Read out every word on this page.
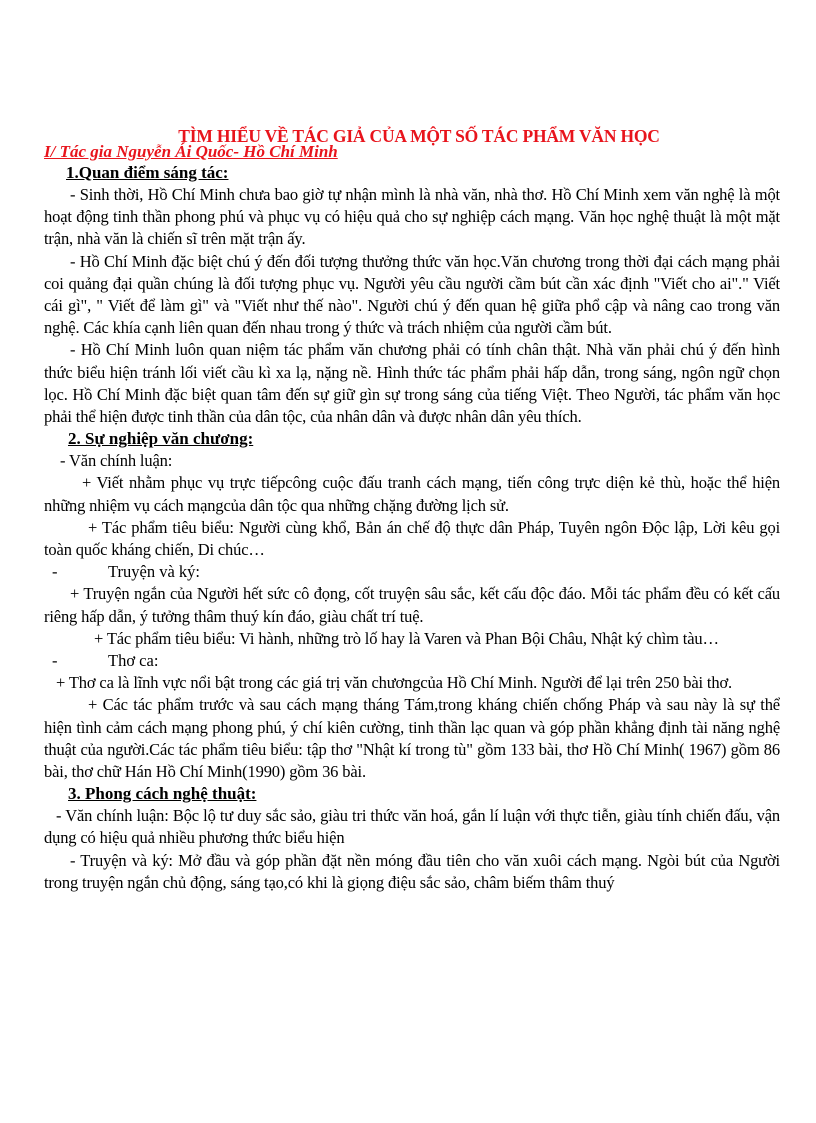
TÌM HIỂU VỀ TÁC GIẢ CỦA MỘT SỐ TÁC PHẨM VĂN HỌC
I/ Tác gia Nguyễn Ái Quốc- Hồ Chí Minh
1.Quan điểm sáng tác:

- Sinh thời, Hồ Chí Minh chưa bao giờ tự nhận mình là nhà văn, nhà thơ. Hồ Chí Minh xem văn nghệ là một hoạt động tinh thần phong phú và phục vụ có hiệu quả cho sự nghiệp cách mạng. Văn học nghệ thuật là một mặt trận, nhà văn là chiến sĩ trên mặt trận ấy.

- Hồ Chí Minh đặc biệt chú ý đến đối tượng thưởng thức văn học.Văn chương trong thời đại cách mạng phải coi quảng đại quần chúng là đối tượng phục vụ. Người yêu cầu người cầm bút cần xác định "Viết cho ai"." Viết cái gì", " Viết để làm gì" và "Viết như thế nào". Người chú ý đến quan hệ giữa phổ cập và nâng cao trong văn nghệ. Các khía cạnh liên quan đến nhau trong ý thức và trách nhiệm của người cầm bút.

- Hồ Chí Minh luôn quan niệm tác phẩm văn chương phải có tính chân thật. Nhà văn phải chú ý đến hình thức biểu hiện tránh lối viết cầu kì xa lạ, nặng nề. Hình thức tác phẩm phải hấp dẫn, trong sáng, ngôn ngữ chọn lọc. Hồ Chí Minh đặc biệt quan tâm đến sự giữ gìn sự trong sáng của tiếng Việt. Theo Người, tác phẩm văn học phải thể hiện được tinh thần của dân tộc, của nhân dân và được nhân dân yêu thích.

2. Sự nghiệp văn chương:

- Văn chính luận:

+ Viết nhằm phục vụ trực tiếpcông cuộc đấu tranh cách mạng, tiến công trực diện kẻ thù, hoặc thể hiện những nhiệm vụ cách mạngcủa dân tộc qua những chặng đường lịch sử.

+ Tác phẩm tiêu biểu: Người cùng khổ, Bản án chế độ thực dân Pháp, Tuyên ngôn Độc lập, Lời kêu gọi toàn quốc kháng chiến, Di chúc…

-	Truyện và ký:

+ Truyện ngắn của Người hết sức cô đọng, cốt truyện sâu sắc, kết cấu độc đáo. Mỗi tác phẩm đều có kết cấu riêng hấp dẫn, ý tưởng thâm thuý kín đáo, giàu chất trí tuệ.

+ Tác phẩm tiêu biểu: Vi hành, những trò lố hay là Varen và Phan Bội Châu, Nhật ký chìm tàu…

-	Thơ ca:

+ Thơ ca là lĩnh vực nổi bật trong các giá trị văn chươngcủa Hồ Chí Minh. Người để lại trên 250 bài thơ.

+ Các tác phẩm trước và sau cách mạng tháng Tám,trong kháng chiến chống Pháp và sau này là sự thể hiện tình cảm cách mạng phong phú, ý chí kiên cường, tinh thần lạc quan và góp phần khẳng định tài năng nghệ thuật của người.Các tác phẩm tiêu biểu: tập thơ "Nhật kí trong tù" gồm 133 bài, thơ Hồ Chí Minh( 1967) gồm 86 bài, thơ chữ Hán Hồ Chí Minh(1990) gồm 36 bài.

3. Phong cách nghệ thuật:

- Văn chính luận: Bộc lộ tư duy sắc sảo, giàu tri thức văn hoá, gắn lí luận với thực tiễn, giàu tính chiến đấu, vận dụng có hiệu quả nhiều phương thức biểu hiện

- Truyện và ký: Mở đầu và góp phần đặt nền móng đầu tiên cho văn xuôi cách mạng. Ngòi bút của Người trong truyện ngắn chủ động, sáng tạo,có khi là giọng điệu sắc sảo, châm biếm thâm thuý
